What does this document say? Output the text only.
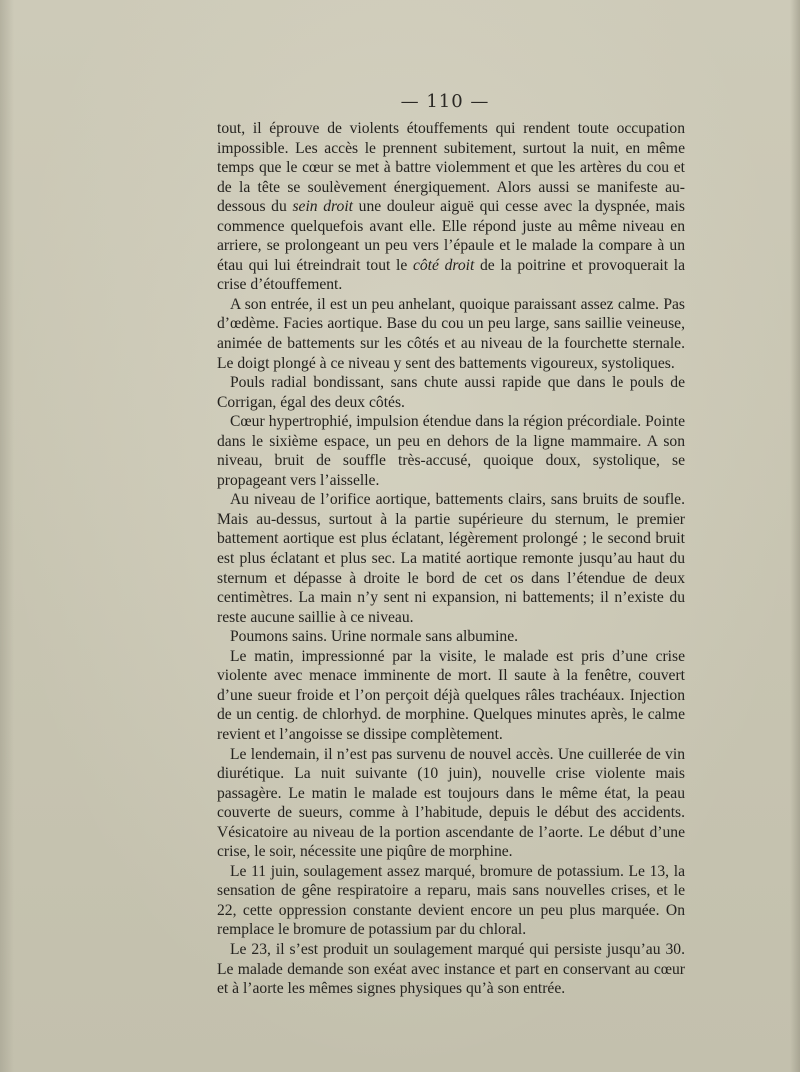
— 110 —

tout, il éprouve de violents étouffements qui rendent toute occupation impossible. Les accès le prennent subitement, surtout la nuit, en même temps que le cœur se met à battre violemment et que les artères du cou et de la tête se soulèvement énergiquement. Alors aussi se manifeste au-dessous du sein droit une douleur aiguë qui cesse avec la dyspnée, mais commence quelquefois avant elle. Elle répond juste au même niveau en arriere, se prolongeant un peu vers l’épaule et le malade la compare à un étau qui lui étreindrait tout le côté droit de la poitrine et provoquerait la crise d’étouffement.

A son entrée, il est un peu anhelant, quoique paraissant assez calme. Pas d’œdème. Facies aortique. Base du cou un peu large, sans saillie veineuse, animée de battements sur les côtés et au niveau de la fourchette sternale. Le doigt plongé à ce niveau y sent des battements vigoureux, systoliques.

Pouls radial bondissant, sans chute aussi rapide que dans le pouls de Corrigan, égal des deux côtés.

Cœur hypertrophié, impulsion étendue dans la région précordiale. Pointe dans le sixième espace, un peu en dehors de la ligne mammaire. A son niveau, bruit de souffle très-accusé, quoique doux, systolique, se propageant vers l’aisselle.

Au niveau de l’orifice aortique, battements clairs, sans bruits de soufle. Mais au-dessus, surtout à la partie supérieure du sternum, le premier battement aortique est plus éclatant, légèrement prolongé ; le second bruit est plus éclatant et plus sec. La matité aortique remonte jusqu’au haut du sternum et dépasse à droite le bord de cet os dans l’étendue de deux centimètres. La main n’y sent ni expansion, ni battements; il n’existe du reste aucune saillie à ce niveau.

Poumons sains. Urine normale sans albumine.

Le matin, impressionné par la visite, le malade est pris d’une crise violente avec menace imminente de mort. Il saute à la fenêtre, couvert d’une sueur froide et l’on perçoit déjà quelques râles trachéaux. Injection de un centig. de chlorhyd. de morphine. Quelques minutes après, le calme revient et l’angoisse se dissipe complètement.

Le lendemain, il n’est pas survenu de nouvel accès. Une cuillerée de vin diurétique. La nuit suivante (10 juin), nouvelle crise violente mais passagère. Le matin le malade est toujours dans le même état, la peau couverte de sueurs, comme à l’habitude, depuis le début des accidents. Vésicatoire au niveau de la portion ascendante de l’aorte. Le début d’une crise, le soir, nécessite une piqûre de morphine.

Le 11 juin, soulagement assez marqué, bromure de potassium. Le 13, la sensation de gêne respiratoire a reparu, mais sans nouvelles crises, et le 22, cette oppression constante devient encore un peu plus marquée. On remplace le bromure de potassium par du chloral.

Le 23, il s’est produit un soulagement marqué qui persiste jusqu’au 30. Le malade demande son exéat avec instance et part en conservant au cœur et à l’aorte les mêmes signes physiques qu’à son entrée.
